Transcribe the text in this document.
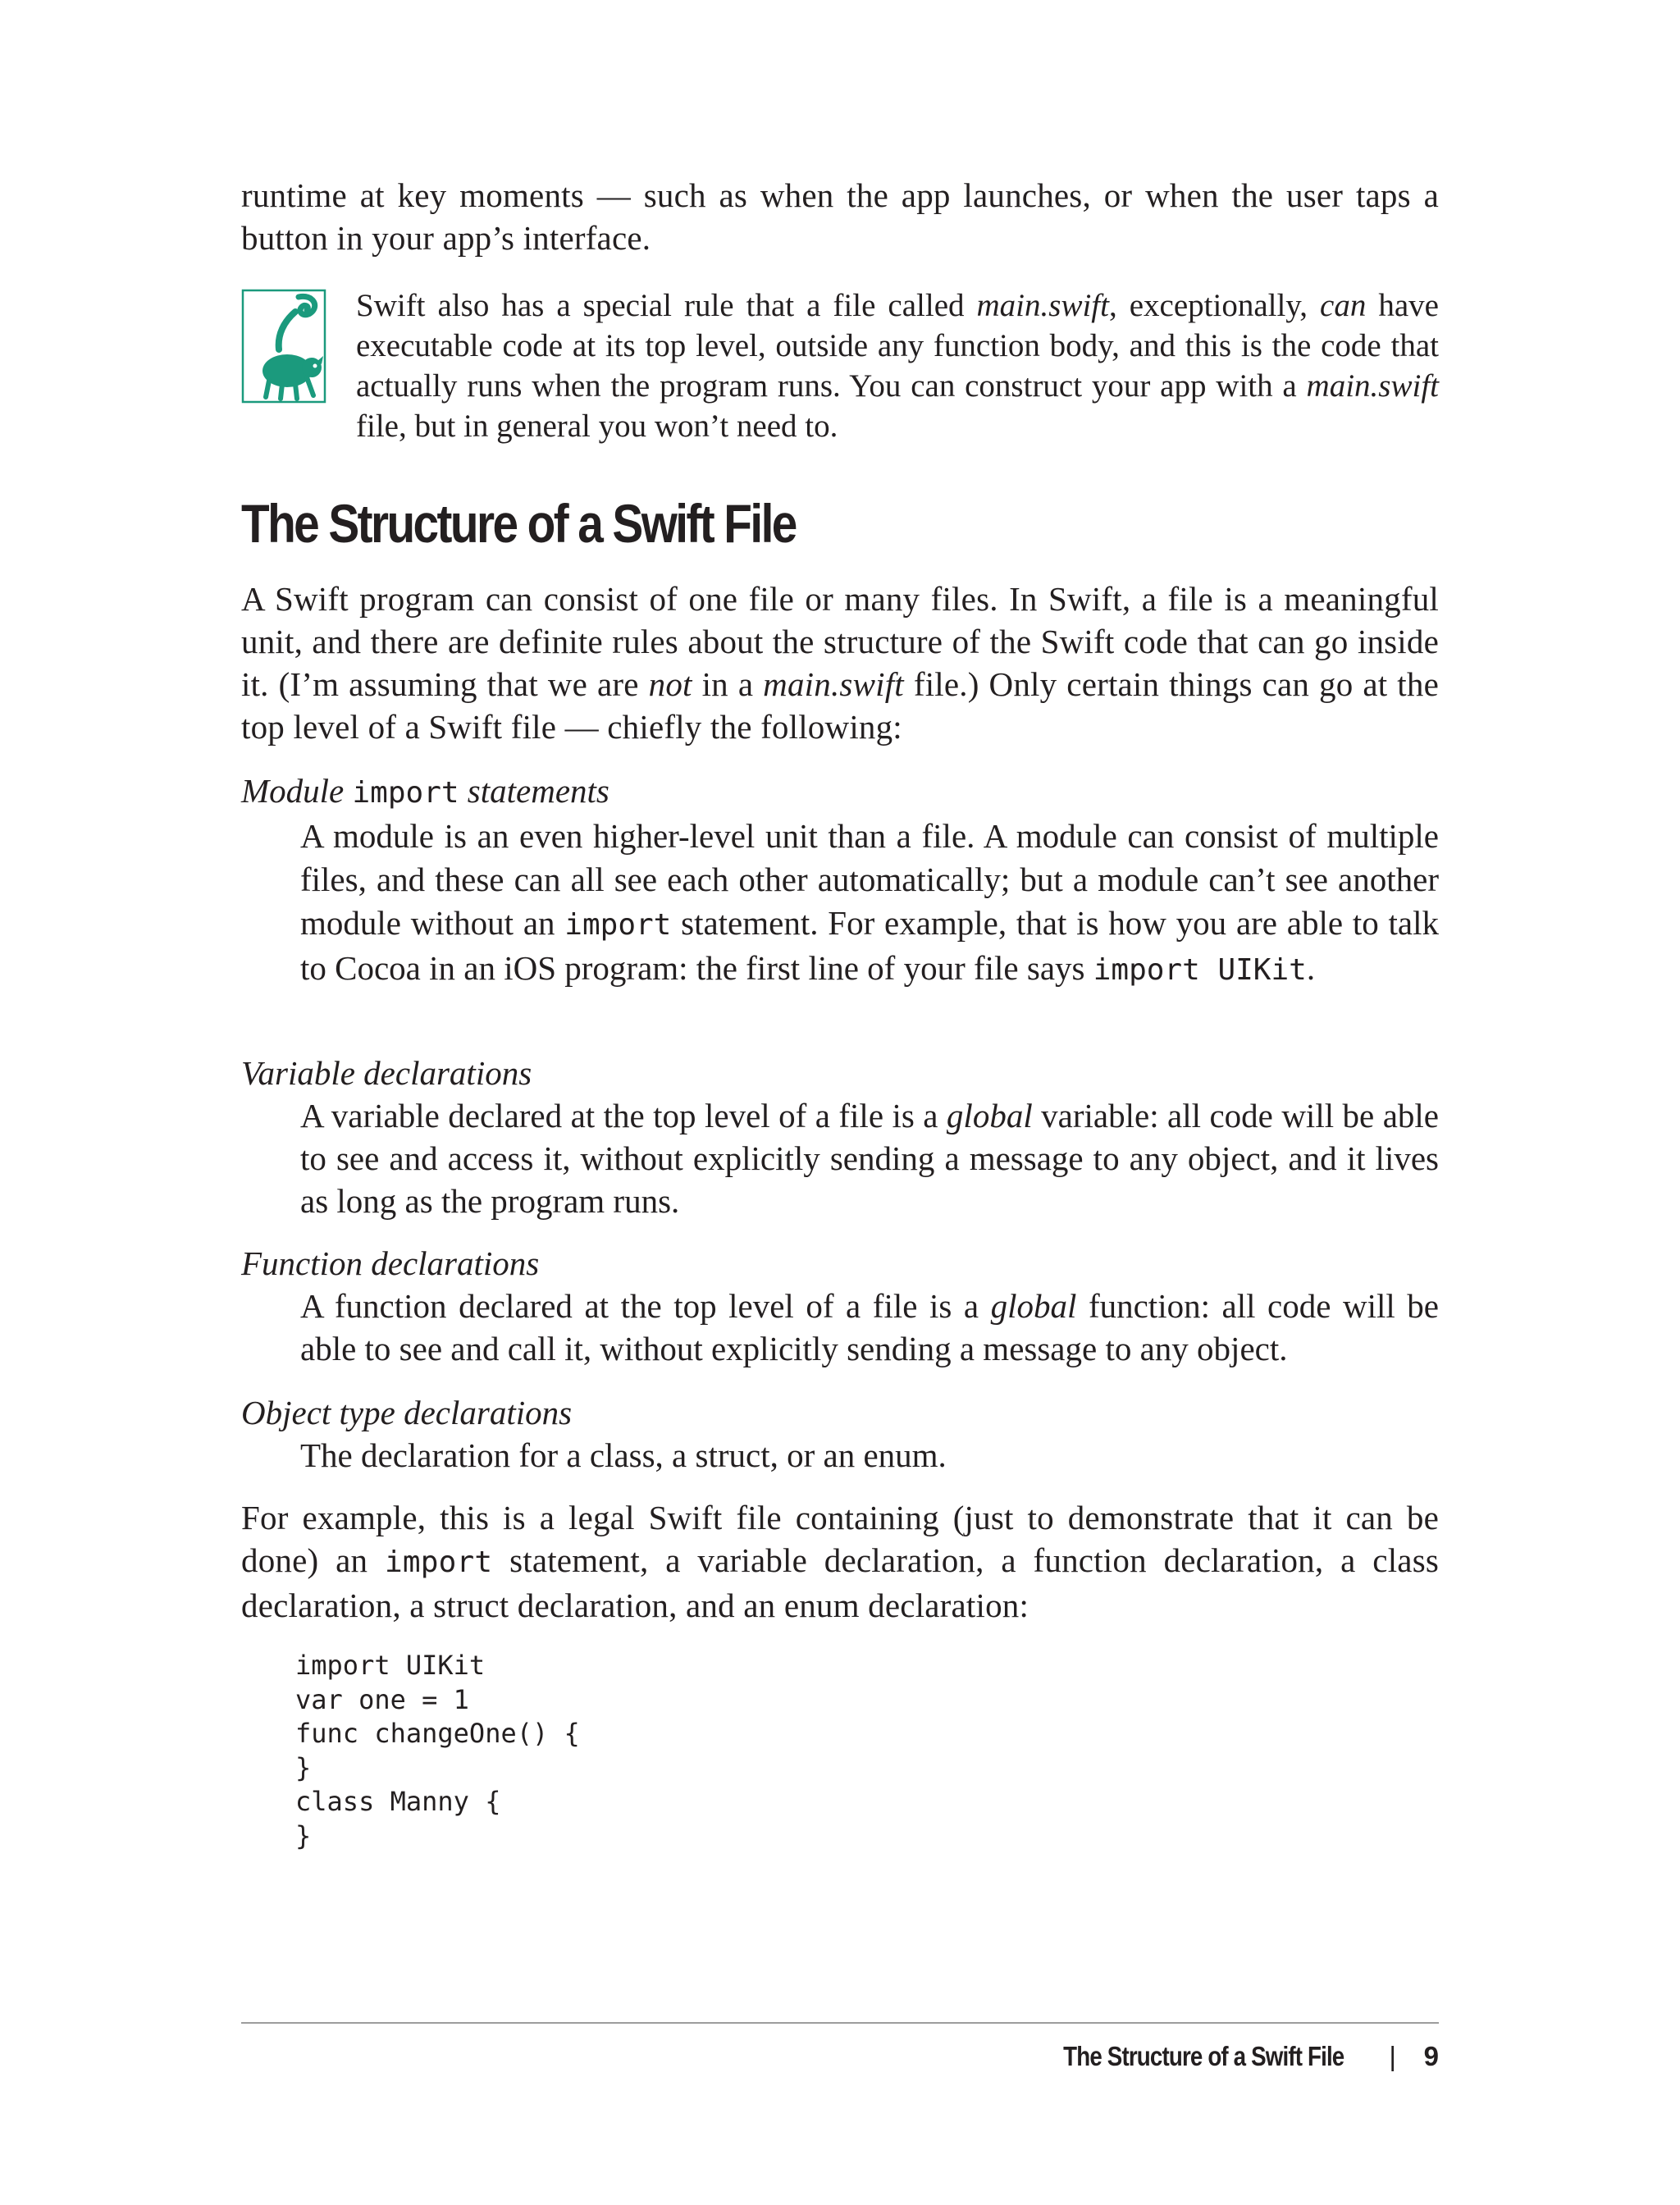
runtime at key moments — such as when the app launches, or when the user taps a button in your app’s interface.

Swift also has a special rule that a file called main.swift, exceptionally, can have executable code at its top level, outside any function body, and this is the code that actually runs when the program runs. You can construct your app with a main.swift file, but in general you won’t need to.

The Structure of a Swift File

A Swift program can consist of one file or many files. In Swift, a file is a meaningful unit, and there are definite rules about the structure of the Swift code that can go inside it. (I’m assuming that we are not in a main.swift file.) Only certain things can go at the top level of a Swift file — chiefly the following:

Module import statements

A module is an even higher-level unit than a file. A module can consist of multiple files, and these can all see each other automatically; but a module can’t see another module without an import statement. For example, that is how you are able to talk to Cocoa in an iOS program: the first line of your file says import UIKit.

Variable declarations

A variable declared at the top level of a file is a global variable: all code will be able to see and access it, without explicitly sending a message to any object, and it lives as long as the program runs.

Function declarations

A function declared at the top level of a file is a global function: all code will be able to see and call it, without explicitly sending a message to any object.

Object type declarations

The declaration for a class, a struct, or an enum.

For example, this is a legal Swift file containing (just to demonstrate that it can be done) an import statement, a variable declaration, a function declaration, a class declaration, a struct declaration, and an enum declaration:

import UIKit
var one = 1
func changeOne() {
}
class Manny {
}
The Structure of a Swift File | 9
